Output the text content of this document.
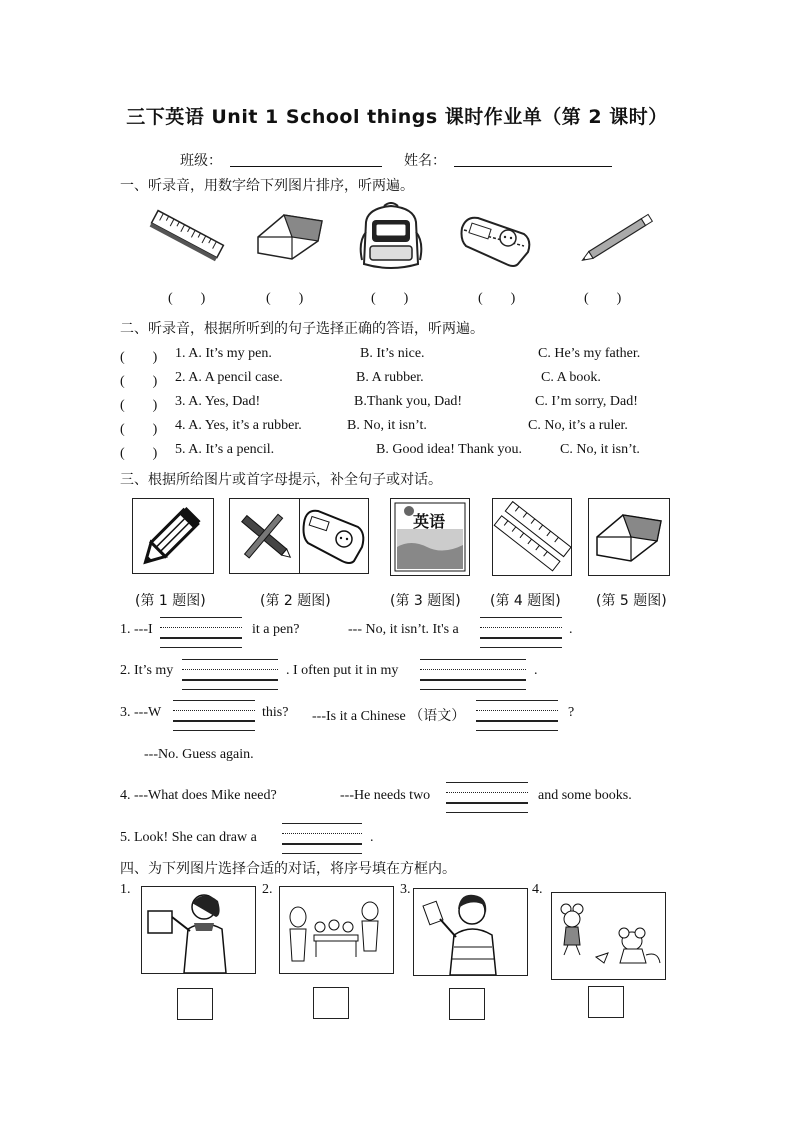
三下英语 Unit 1 School things 课时作业单（第 2 课时）
班级：	姓名：
一、听录音，用数字给下列图片排序，听两遍。
(　　)	(　　)	(　　)	(　　)	(　　)
二、听录音，根据所听到的句子选择正确的答语，听两遍。
(　　) 1. A. It’s my pen.	B. It’s nice.	C. He’s my father.
(　　) 2. A. A pencil case.	B. A rubber.	C. A book.
(　　) 3. A. Yes, Dad!	B.Thank you, Dad!	C. I’m sorry, Dad!
(　　) 4. A. Yes, it’s a rubber.	B. No, it isn’t.	C. No, it’s a ruler.
(　　) 5. A. It’s a pencil.	B. Good idea! Thank you.	C. No, it isn’t.
三、根据所给图片或首字母提示，补全句子或对话。
英语
(第 1 题图)	(第 2 题图)	(第 3 题图) (第 4 题图)	(第 5 题图)
1. ---I	it a pen?	--- No, it isn’t. It's a	.
2. It’s my	. I often put it in my	.
3. ---W	this? ---Is it a Chinese （语文）	?
---No. Guess again.
4. ---What does Mike need?	---He needs two	and some books.
5. Look! She can draw a	.
四、为下列图片选择合适的对话，将序号填在方框内。
1.	2.	3.	4.
